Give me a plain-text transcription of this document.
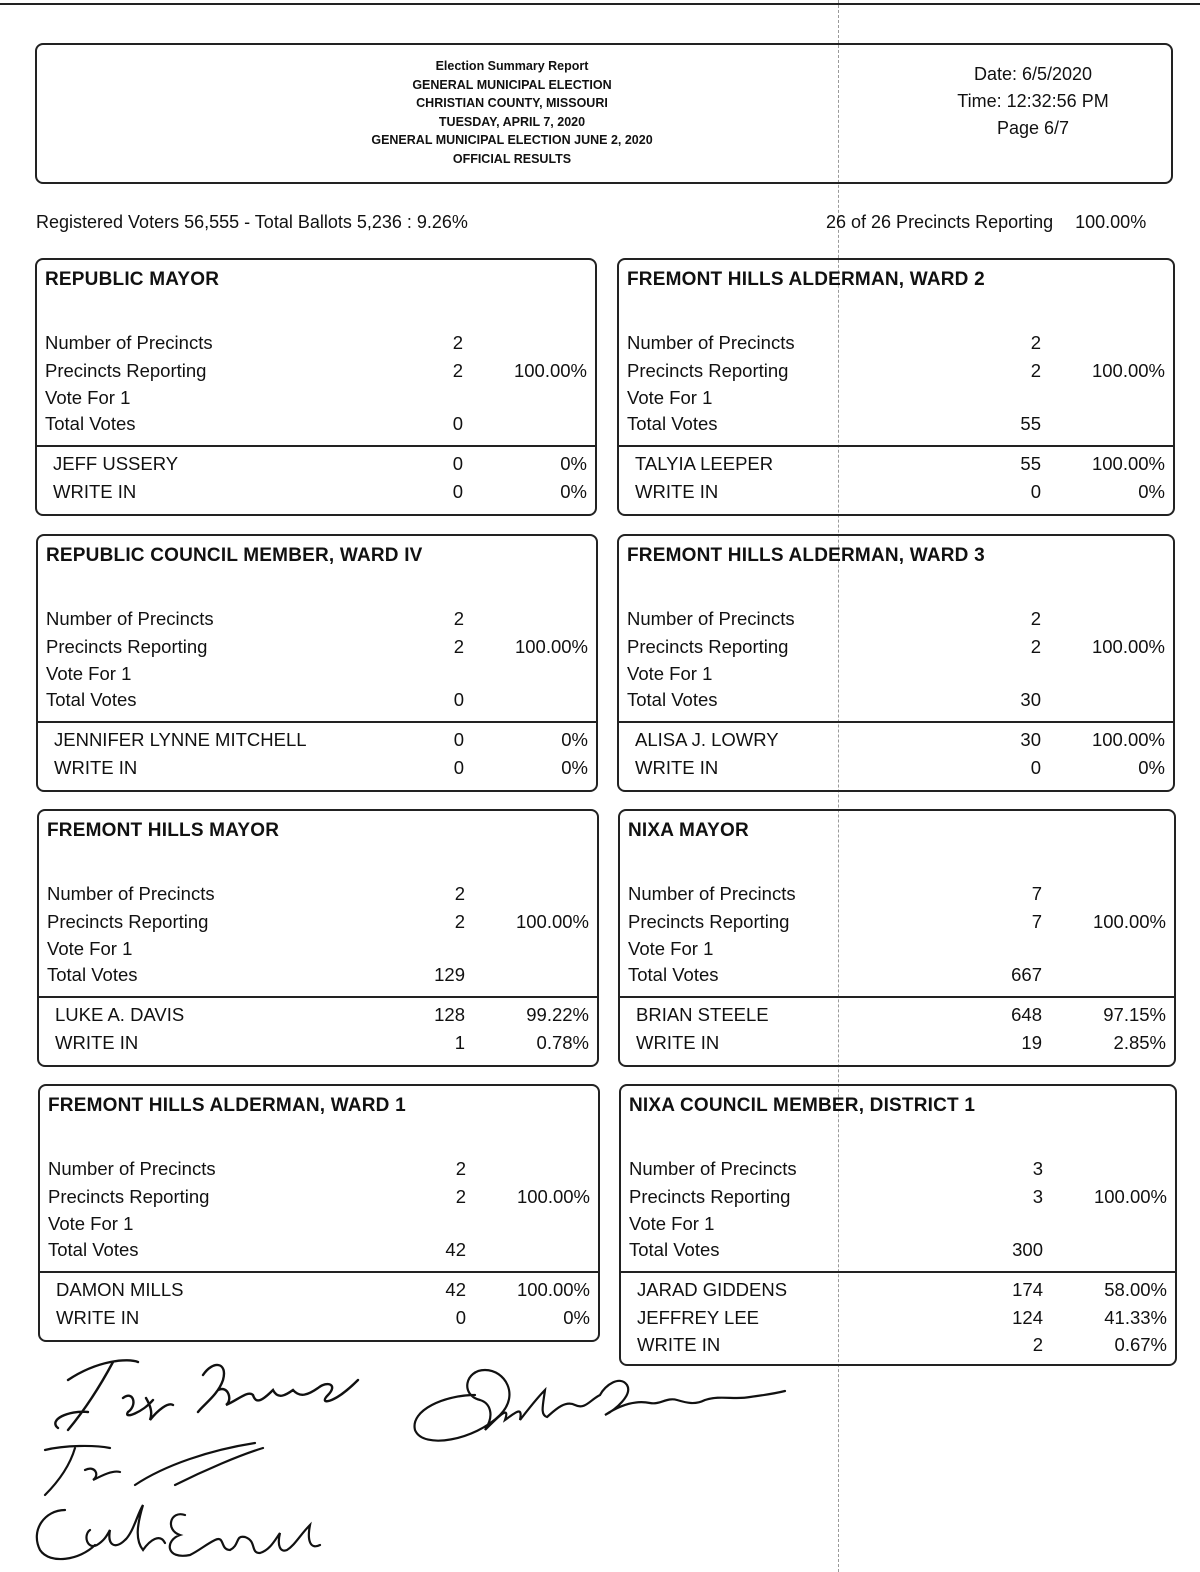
Election Summary Report
GENERAL MUNICIPAL ELECTION
CHRISTIAN COUNTY, MISSOURI
TUESDAY, APRIL 7, 2020
GENERAL MUNICIPAL ELECTION JUNE 2, 2020
OFFICIAL RESULTS
Date: 6/5/2020
Time: 12:32:56 PM
Page 6/7
Registered Voters 56,555 - Total Ballots 5,236 : 9.26%	26 of 26 Precincts Reporting 100.00%
REPUBLIC MAYOR
Number of Precincts	2
Precincts Reporting	2	100.00%
Vote For 1
Total Votes	0
JEFF USSERY	0	0%
WRITE IN	0	0%
FREMONT HILLS ALDERMAN, WARD 2
Number of Precincts	2
Precincts Reporting	2	100.00%
Vote For 1
Total Votes	55
TALYIA LEEPER	55	100.00%
WRITE IN	0	0%
REPUBLIC COUNCIL MEMBER, WARD IV
Number of Precincts	2
Precincts Reporting	2	100.00%
Vote For 1
Total Votes	0
JENNIFER LYNNE MITCHELL	0	0%
WRITE IN	0	0%
FREMONT HILLS ALDERMAN, WARD 3
Number of Precincts	2
Precincts Reporting	2	100.00%
Vote For 1
Total Votes	30
ALISA J. LOWRY	30	100.00%
WRITE IN	0	0%
FREMONT HILLS MAYOR
Number of Precincts	2
Precincts Reporting	2	100.00%
Vote For 1
Total Votes	129
LUKE A. DAVIS	128	99.22%
WRITE IN	1	0.78%
NIXA MAYOR
Number of Precincts	7
Precincts Reporting	7	100.00%
Vote For 1
Total Votes	667
BRIAN STEELE	648	97.15%
WRITE IN	19	2.85%
FREMONT HILLS ALDERMAN, WARD 1
Number of Precincts	2
Precincts Reporting	2	100.00%
Vote For 1
Total Votes	42
DAMON MILLS	42	100.00%
WRITE IN	0	0%
NIXA COUNCIL MEMBER, DISTRICT 1
Number of Precincts	3
Precincts Reporting	3	100.00%
Vote For 1
Total Votes	300
JARAD GIDDENS	174	58.00%
JEFFREY LEE	124	41.33%
WRITE IN	2	0.67%
